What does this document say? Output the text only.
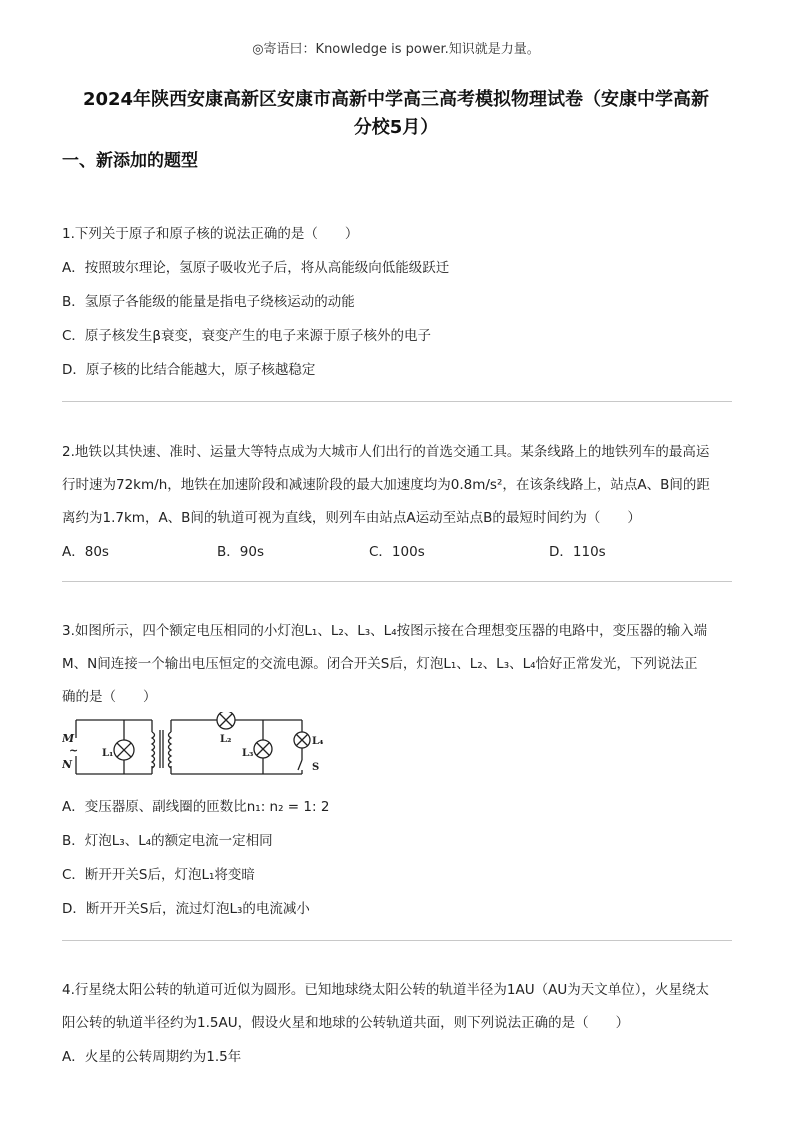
◎寄语曰：Knowledge is power.知识就是力量。
2024年陕西安康高新区安康市高新中学高三高考模拟物理试卷（安康中学高新
分校5月）
一、新添加的题型
1.下列关于原子和原子核的说法正确的是（　　）
A．按照玻尔理论，氢原子吸收光子后，将从高能级向低能级跃迁
B．氢原子各能级的能量是指电子绕核运动的动能
C．原子核发生β衰变，衰变产生的电子来源于原子核外的电子
D．原子核的比结合能越大，原子核越稳定
2.地铁以其快速、准时、运量大等特点成为大城市人们出行的首选交通工具。某条线路上的地铁列车的最高运
行时速为72km/h，地铁在加速阶段和减速阶段的最大加速度均为0.8m/s²，在该条线路上，站点A、B间的距
离约为1.7km，A、B间的轨道可视为直线，则列车由站点A运动至站点B的最短时间约为（　　）
A．80s	B．90s	C．100s	D．110s
3.如图所示，四个额定电压相同的小灯泡L₁、L₂、L₃、L₄按图示接在合理想变压器的电路中，变压器的输入端
M、N间连接一个输出电压恒定的交流电源。闭合开关S后，灯泡L₁、L₂、L₃、L₄恰好正常发光，下列说法正
确的是（　　）
M
~
N
L₁
L₂
L₃
L₄
S
A．变压器原、副线圈的匝数比n₁: n₂ = 1: 2
B．灯泡L₃、L₄的额定电流一定相同
C．断开开关S后，灯泡L₁将变暗
D．断开开关S后，流过灯泡L₃的电流减小
4.行星绕太阳公转的轨道可近似为圆形。已知地球绕太阳公转的轨道半径为1AU（AU为天文单位），火星绕太
阳公转的轨道半径约为1.5AU，假设火星和地球的公转轨道共面，则下列说法正确的是（　　）
A．火星的公转周期约为1.5年
